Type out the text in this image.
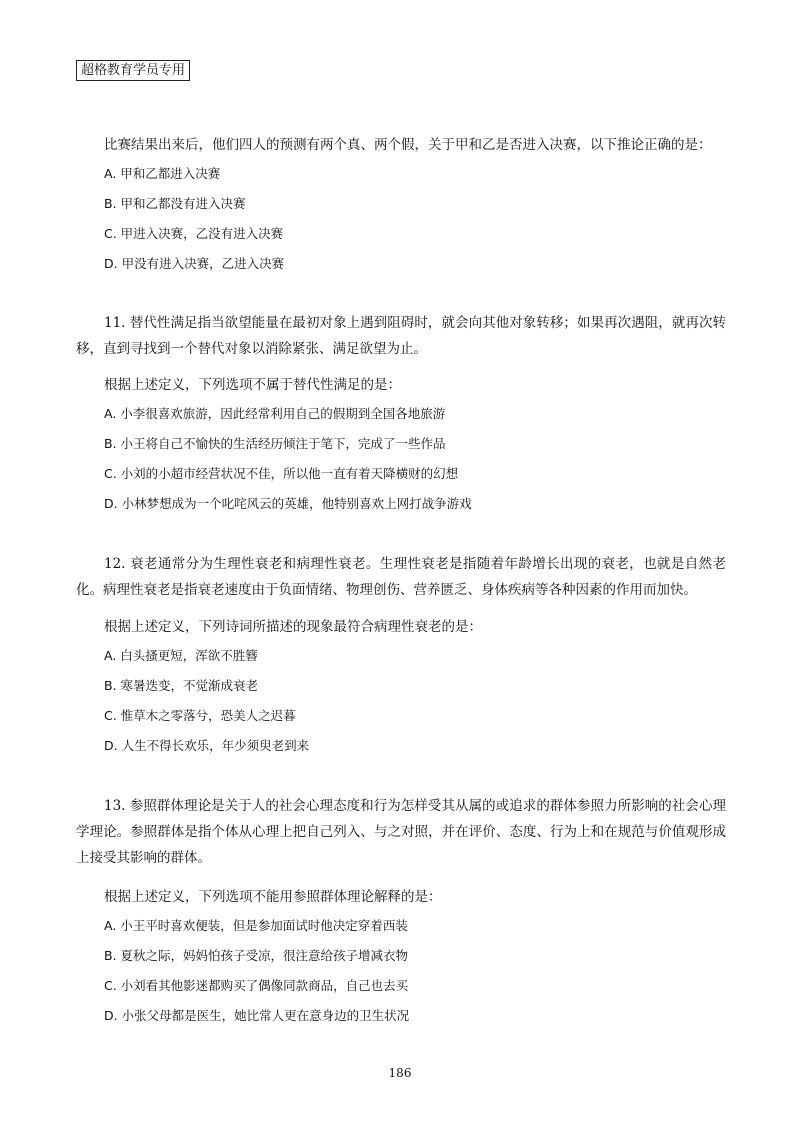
超格教育学员专用
比赛结果出来后，他们四人的预测有两个真、两个假，关于甲和乙是否进入决赛，以下推论正确的是：
A. 甲和乙都进入决赛
B. 甲和乙都没有进入决赛
C. 甲进入决赛，乙没有进入决赛
D. 甲没有进入决赛，乙进入决赛
11. 替代性满足指当欲望能量在最初对象上遇到阻碍时，就会向其他对象转移；如果再次遇阻，就再次转移，直到寻找到一个替代对象以消除紧张、满足欲望为止。
根据上述定义，下列选项不属于替代性满足的是：
A. 小李很喜欢旅游，因此经常利用自己的假期到全国各地旅游
B. 小王将自己不愉快的生活经历倾注于笔下，完成了一些作品
C. 小刘的小超市经营状况不佳，所以他一直有着天降横财的幻想
D. 小林梦想成为一个叱咤风云的英雄，他特别喜欢上网打战争游戏
12. 衰老通常分为生理性衰老和病理性衰老。生理性衰老是指随着年龄增长出现的衰老，也就是自然老化。病理性衰老是指衰老速度由于负面情绪、物理创伤、营养匮乏、身体疾病等各种因素的作用而加快。
根据上述定义，下列诗词所描述的现象最符合病理性衰老的是：
A. 白头搔更短，浑欲不胜簪
B. 寒暑迭变，不觉渐成衰老
C. 惟草木之零落兮，恐美人之迟暮
D. 人生不得长欢乐，年少须臾老到来
13. 参照群体理论是关于人的社会心理态度和行为怎样受其从属的或追求的群体参照力所影响的社会心理学理论。参照群体是指个体从心理上把自己列入、与之对照，并在评价、态度、行为上和在规范与价值观形成上接受其影响的群体。
根据上述定义，下列选项不能用参照群体理论解释的是：
A. 小王平时喜欢便装，但是参加面试时他决定穿着西装
B. 夏秋之际，妈妈怕孩子受凉，很注意给孩子增减衣物
C. 小刘看其他影迷都购买了偶像同款商品，自己也去买
D. 小张父母都是医生，她比常人更在意身边的卫生状况
186
